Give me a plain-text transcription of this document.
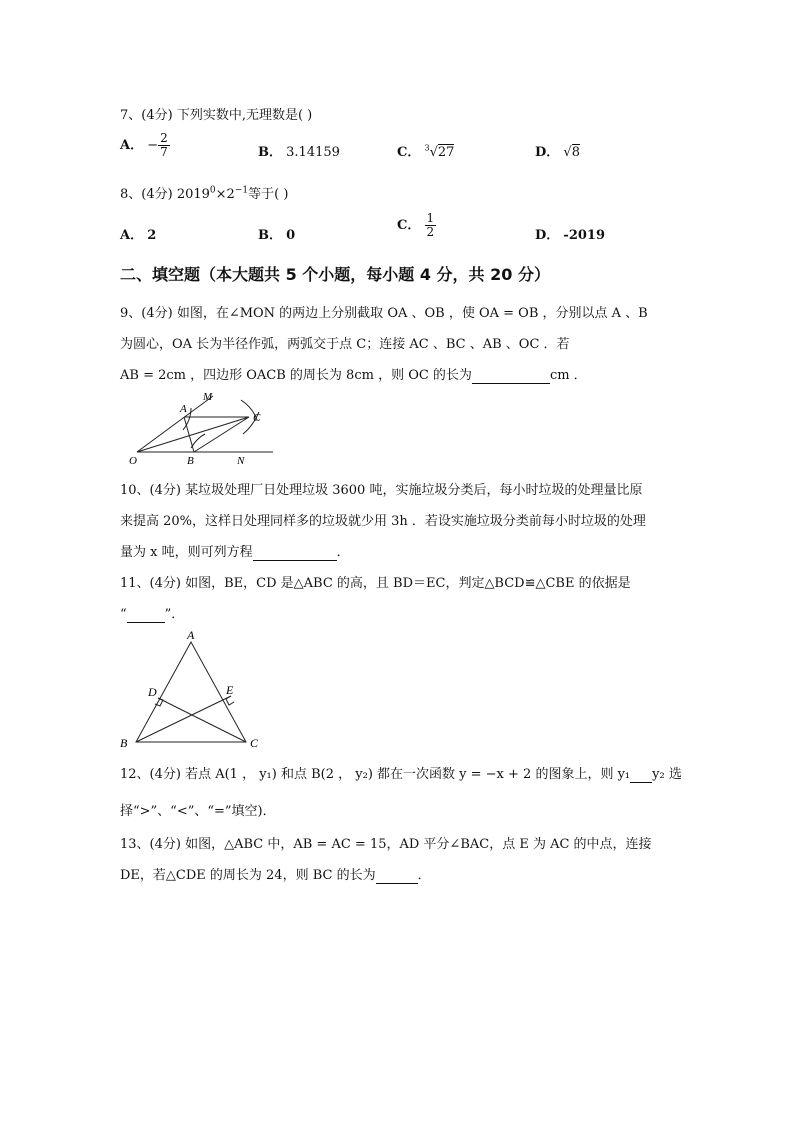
7、(4分) 下列实数中,无理数是( )
A． − $\frac{2}{7}$	B． 3.14159	C． $^3$√27	D． √8
8、(4分) $2019^0\times 2^{-1}$等于( )
A． 2	B． 0
C． $\frac{1}{2}$	D． -2019
二、填空题（本大题共 5 个小题，每小题 4 分，共 20 分）
9、(4分) 如图，在∠MON 的两边上分别截取 OA 、OB ，使 OA = OB ，分别以点 A 、B
为圆心，OA 长为半径作弧，两弧交于点 C；连接 AC 、BC 、AB 、OC ．若
AB = 2cm ，四边形 OACB 的周长为 8cm ，则 OC 的长为	cm ．
M
A
C
O	B	N
10、(4分) 某垃圾处理厂日处理垃圾 3600 吨，实施垃圾分类后，每小时垃圾的处理量比原
来提高 20%，这样日处理同样多的垃圾就少用 3h ．若设实施垃圾分类前每小时垃圾的处理
量为 x 吨，则可列方程	．
11、(4分) 如图，BE，CD 是△ABC 的高，且 BD＝EC，判定△BCD≌△CBE 的依据是
“	”．
A
D	E
B	C
12、(4分) 若点 A(1 ， y₁) 和点 B(2 ， y₂) 都在一次函数 y = −x + 2 的图象上，则 y₁ y₂ 选
择“>”、“<”、“=”填空)．
13、(4分) 如图，△ABC 中，AB = AC = 15，AD 平分∠BAC，点 E 为 AC 的中点，连接
DE，若△CDE 的周长为 24，则 BC 的长为	．
